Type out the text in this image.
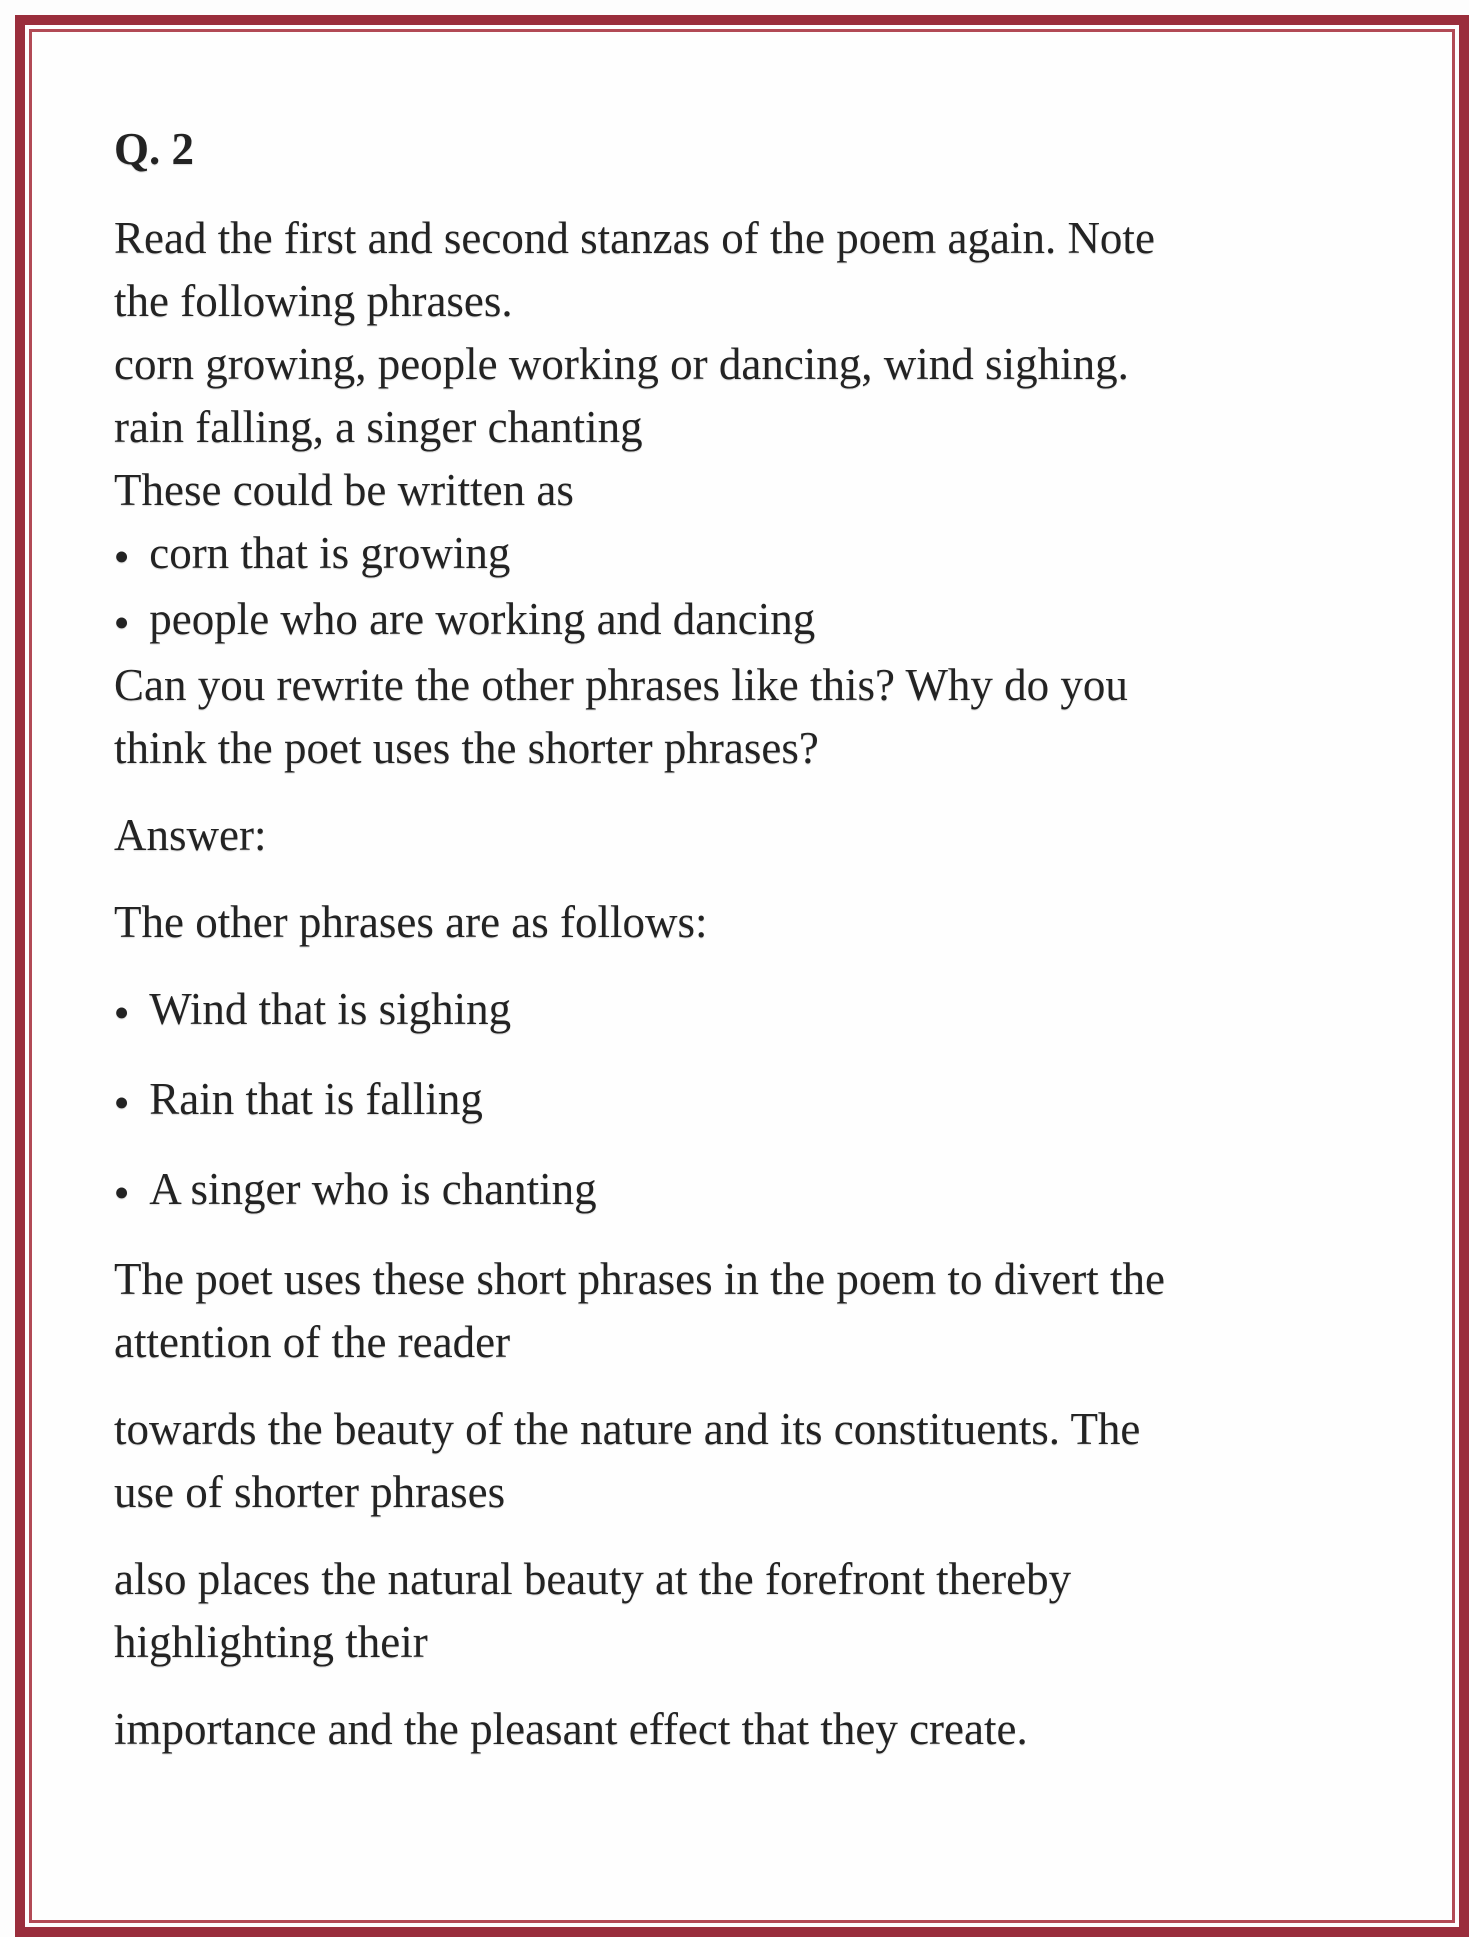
Q. 2
Read the first and second stanzas of the poem again. Note
the following phrases.
corn growing, people working or dancing, wind sighing.
rain falling, a singer chanting
These could be written as
● corn that is growing
● people who are working and dancing
Can you rewrite the other phrases like this? Why do you
think the poet uses the shorter phrases?
Answer:
The other phrases are as follows:
● Wind that is sighing
● Rain that is falling
● A singer who is chanting
The poet uses these short phrases in the poem to divert the
attention of the reader
towards the beauty of the nature and its constituents. The
use of shorter phrases
also places the natural beauty at the forefront thereby
highlighting their
importance and the pleasant effect that they create.
